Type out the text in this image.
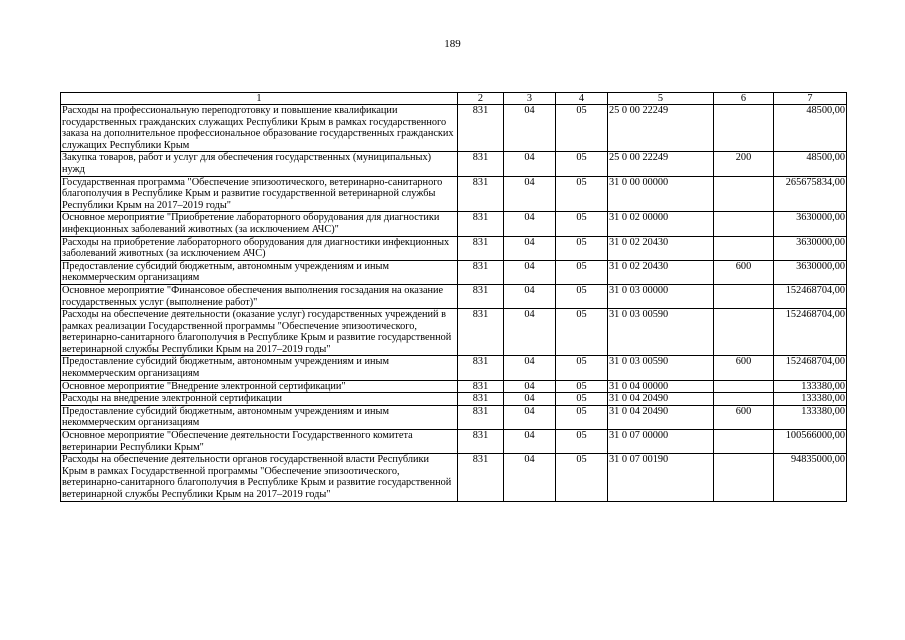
189
1	2	3	4	5	6	7
Расходы на профессиональную переподготовку и повышение квалификации государственных гражданских служащих Республики Крым в рамках государственного заказа на дополнительное профессиональное образование государственных гражданских служащих Республики Крым	831	04	05	25 0 00 22249		48500,00
Закупка товаров, работ и услуг для обеспечения государственных (муниципальных) нужд	831	04	05	25 0 00 22249	200	48500,00
Государственная программа "Обеспечение эпизоотического, ветеринарно-санитарного благополучия в Республике Крым и развитие государственной ветеринарной службы Республики Крым на 2017–2019 годы"	831	04	05	31 0 00 00000		265675834,00
Основное мероприятие "Приобретение лабораторного оборудования для диагностики инфекционных заболеваний животных (за исключением АЧС)"	831	04	05	31 0 02 00000		3630000,00
Расходы на приобретение лабораторного оборудования для диагностики инфекционных заболеваний животных (за исключением АЧС)	831	04	05	31 0 02 20430		3630000,00
Предоставление субсидий бюджетным, автономным учреждениям и иным некоммерческим организациям	831	04	05	31 0 02 20430	600	3630000,00
Основное мероприятие "Финансовое обеспечения выполнения госзадания на оказание государственных услуг (выполнение работ)"	831	04	05	31 0 03 00000		152468704,00
Расходы на обеспечение деятельности (оказание услуг) государственных учреждений в рамках реализации Государственной программы "Обеспечение эпизоотического, ветеринарно-санитарного благополучия в Республике Крым и развитие государственной ветеринарной службы Республики Крым на 2017–2019 годы"	831	04	05	31 0 03 00590		152468704,00
Предоставление субсидий бюджетным, автономным учреждениям и иным некоммерческим организациям	831	04	05	31 0 03 00590	600	152468704,00
Основное мероприятие "Внедрение электронной сертификации"	831	04	05	31 0 04 00000		133380,00
Расходы на внедрение электронной сертификации	831	04	05	31 0 04 20490		133380,00
Предоставление субсидий бюджетным, автономным учреждениям и иным некоммерческим организациям	831	04	05	31 0 04 20490	600	133380,00
Основное мероприятие "Обеспечение деятельности Государственного комитета ветеринарии Республики Крым"	831	04	05	31 0 07 00000		100566000,00
Расходы на обеспечение деятельности органов государственной власти Республики Крым в рамках Государственной программы "Обеспечение эпизоотического, ветеринарно-санитарного благополучия в Республике Крым и развитие государственной ветеринарной службы Республики Крым на 2017–2019 годы"	831	04	05	31 0 07 00190		94835000,00
